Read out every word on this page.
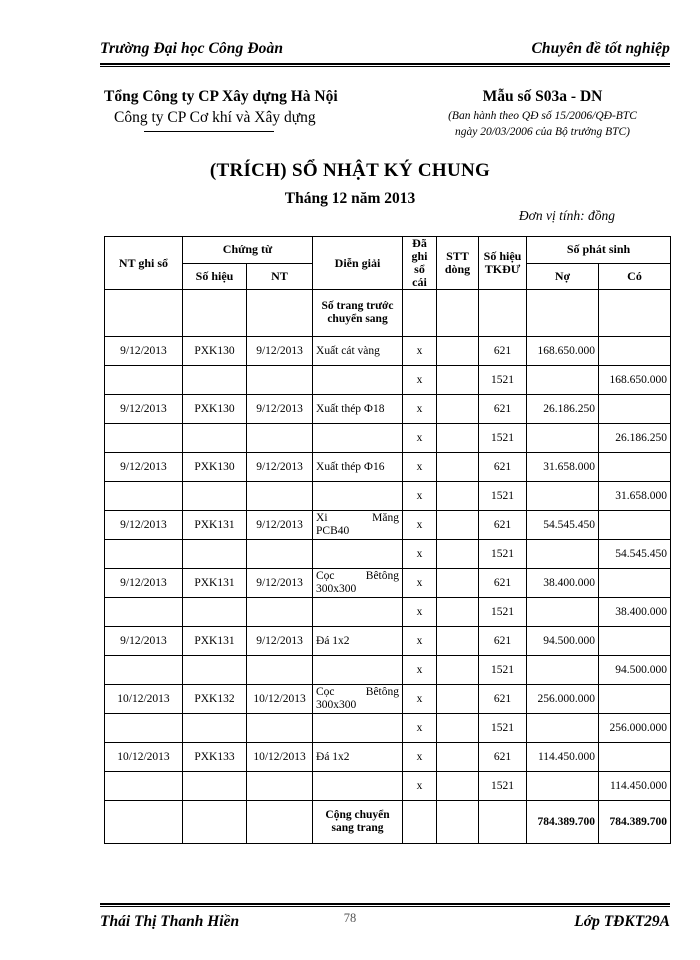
Trường Đại học Công Đoàn	Chuyên đề tốt nghiệp
Tổng Công ty CP Xây dựng Hà Nội
Công ty CP Cơ khí và Xây dựng
Mẫu số S03a - DN
(Ban hành theo QĐ số 15/2006/QĐ-BTC
ngày 20/03/2006 của Bộ trưởng BTC)
(TRÍCH) SỔ NHẬT KÝ CHUNG
Tháng 12 năm 2013
Đơn vị tính: đồng
NT ghi sổ	Chứng từ		Diễn giải	Đã ghi sổ cái	STT dòng	Số hiệu TKĐƯ	Số phát sinh	
	Số hiệu	NT					Nợ	Có
			Số trang trước chuyển sang					
9/12/2013	PXK130	9/12/2013	Xuất cát vàng	x		621	168.650.000	
				x		1521		168.650.000
9/12/2013	PXK130	9/12/2013	Xuất thép Ф18	x		621	26.186.250	
				x		1521		26.186.250
9/12/2013	PXK130	9/12/2013	Xuất thép Ф16	x		621	31.658.000	
				x		1521		31.658.000
9/12/2013	PXK131	9/12/2013	Xi Măng
PCB40	x		621	54.545.450	
				x		1521		54.545.450
9/12/2013	PXK131	9/12/2013	Cọc Bêtông
300x300	x		621	38.400.000	
				x		1521		38.400.000
9/12/2013	PXK131	9/12/2013	Đá 1x2	x		621	94.500.000	
				x		1521		94.500.000
10/12/2013	PXK132	10/12/2013	Cọc Bêtông
300x300	x		621	256.000.000	
				x		1521		256.000.000
10/12/2013	PXK133	10/12/2013	Đá 1x2	x		621	114.450.000	
				x		1521		114.450.000
			Cộng chuyển sang trang				784.389.700	784.389.700
Thái Thị Thanh Hiền	Lớp TĐKT29A
78
